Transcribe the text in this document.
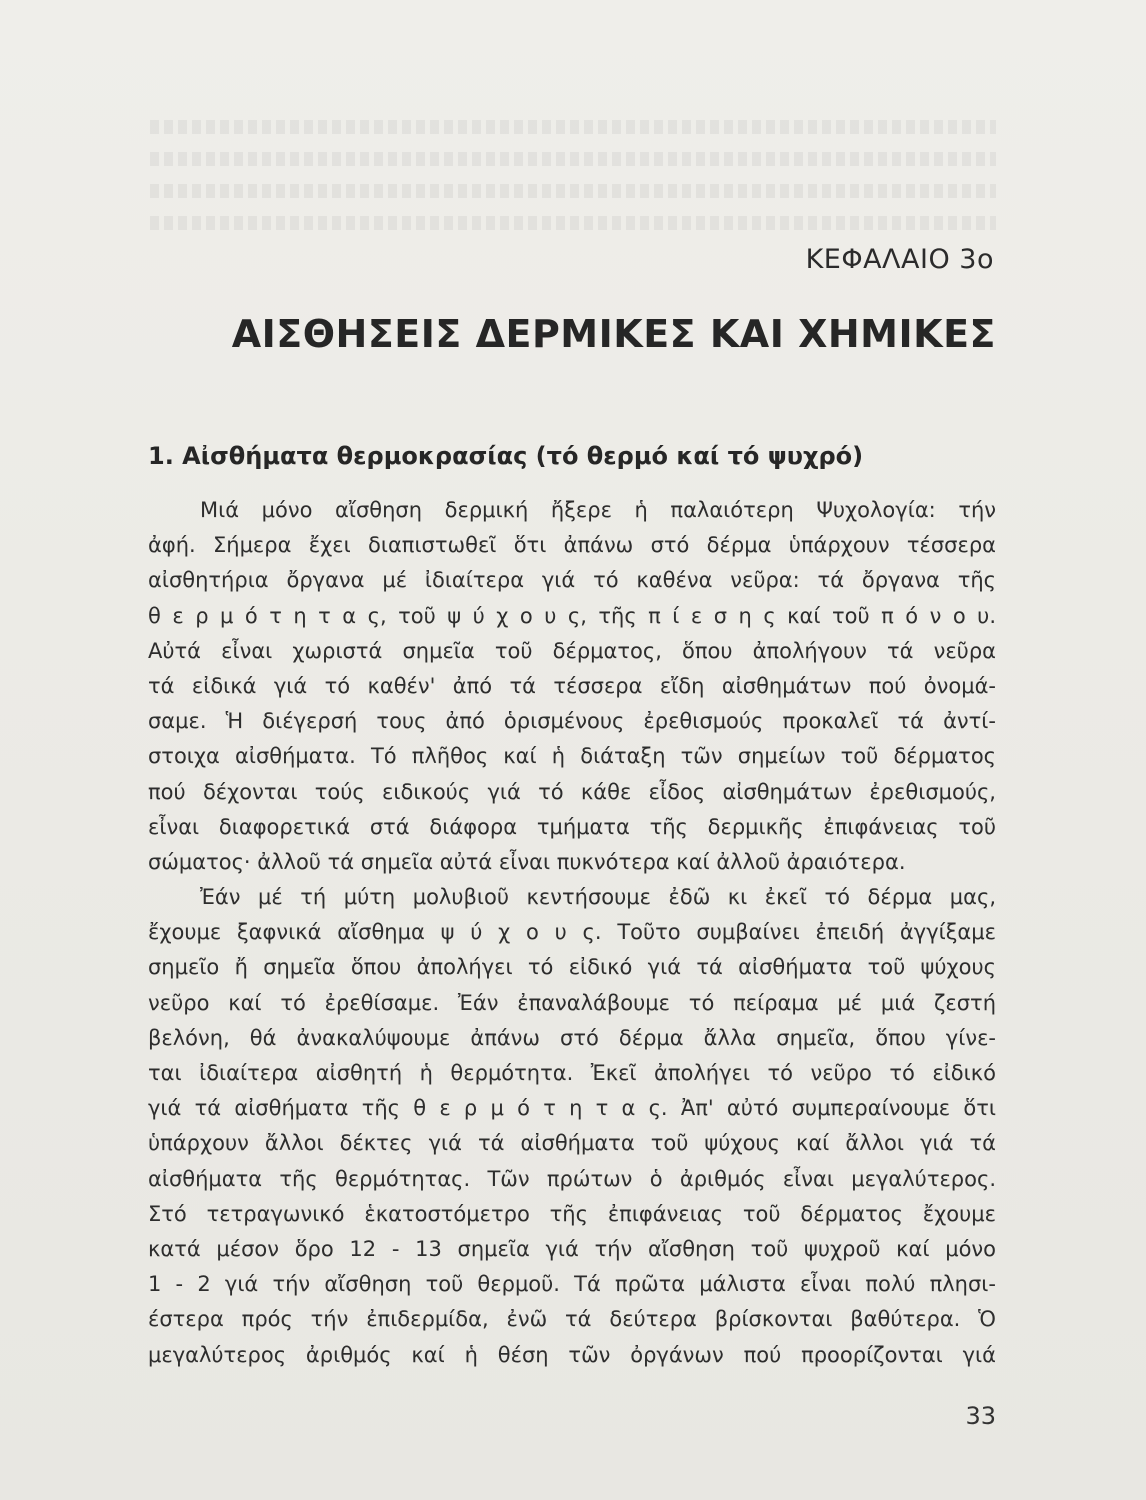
ΚΕΦΑΛΑΙΟ 3ο
ΑΙΣΘΗΣΕΙΣ ΔΕΡΜΙΚΕΣ ΚΑΙ ΧΗΜΙΚΕΣ
1. Αἰσθήματα θερμοκρασίας (τό θερμό καί τό ψυχρό)
Μιά μόνο αἴσθηση δερμική ἤξερε ἡ παλαιότερη Ψυχολογία: τήν
ἀφή. Σήμερα ἔχει διαπιστωθεῖ ὅτι ἀπάνω στό δέρμα ὑπάρχουν τέσσερα
αἰσθητήρια ὄργανα μέ ἰδιαίτερα γιά τό καθένα νεῦρα: τά ὄργανα τῆς
θ ε ρ μ ό τ η τ α ς, τοῦ ψ ύ χ ο υ ς, τῆς π ί ε σ η ς καί τοῦ π ό ν ο υ.
Αὐτά εἶναι χωριστά σημεῖα τοῦ δέρματος, ὅπου ἀπολήγουν τά νεῦρα
τά εἰδικά γιά τό καθέν' ἀπό τά τέσσερα εἴδη αἰσθημάτων πού ὀνομά-
σαμε. Ἡ διέγερσή τους ἀπό ὁρισμένους ἐρεθισμούς προκαλεῖ τά ἀντί-
στοιχα αἰσθήματα. Τό πλῆθος καί ἡ διάταξη τῶν σημείων τοῦ δέρματος
πού δέχονται τούς ειδικούς γιά τό κάθε εἶδος αἰσθημάτων ἐρεθισμούς,
εἶναι διαφορετικά στά διάφορα τμήματα τῆς δερμικῆς ἐπιφάνειας τοῦ
σώματος· ἀλλοῦ τά σημεῖα αὐτά εἶναι πυκνότερα καί ἀλλοῦ ἀραιότερα.
Ἐάν μέ τή μύτη μολυβιοῦ κεντήσουμε ἐδῶ κι ἐκεῖ τό δέρμα μας,
ἔχουμε ξαφνικά αἴσθημα ψ ύ χ ο υ ς. Τοῦτο συμβαίνει ἐπειδή ἀγγίξαμε
σημεῖο ἤ σημεῖα ὅπου ἀπολήγει τό εἰδικό γιά τά αἰσθήματα τοῦ ψύχους
νεῦρο καί τό ἐρεθίσαμε. Ἐάν ἐπαναλάβουμε τό πείραμα μέ μιά ζεστή
βελόνη, θά ἀνακαλύψουμε ἀπάνω στό δέρμα ἄλλα σημεῖα, ὅπου γίνε-
ται ἰδιαίτερα αἰσθητή ἡ θερμότητα. Ἐκεῖ ἀπολήγει τό νεῦρο τό εἰδικό
γιά τά αἰσθήματα τῆς θ ε ρ μ ό τ η τ α ς. Ἀπ' αὐτό συμπεραίνουμε ὅτι
ὑπάρχουν ἄλλοι δέκτες γιά τά αἰσθήματα τοῦ ψύχους καί ἄλλοι γιά τά
αἰσθήματα τῆς θερμότητας. Τῶν πρώτων ὁ ἀριθμός εἶναι μεγαλύτερος.
Στό τετραγωνικό ἑκατοστόμετρο τῆς ἐπιφάνειας τοῦ δέρματος ἔχουμε
κατά μέσον ὅρο 12 - 13 σημεῖα γιά τήν αἴσθηση τοῦ ψυχροῦ καί μόνο
1 - 2 γιά τήν αἴσθηση τοῦ θερμοῦ. Τά πρῶτα μάλιστα εἶναι πολύ πλησι-
έστερα πρός τήν ἐπιδερμίδα, ἐνῶ τά δεύτερα βρίσκονται βαθύτερα. Ὁ
μεγαλύτερος ἀριθμός καί ἡ θέση τῶν ὀργάνων πού προορίζονται γιά
33
